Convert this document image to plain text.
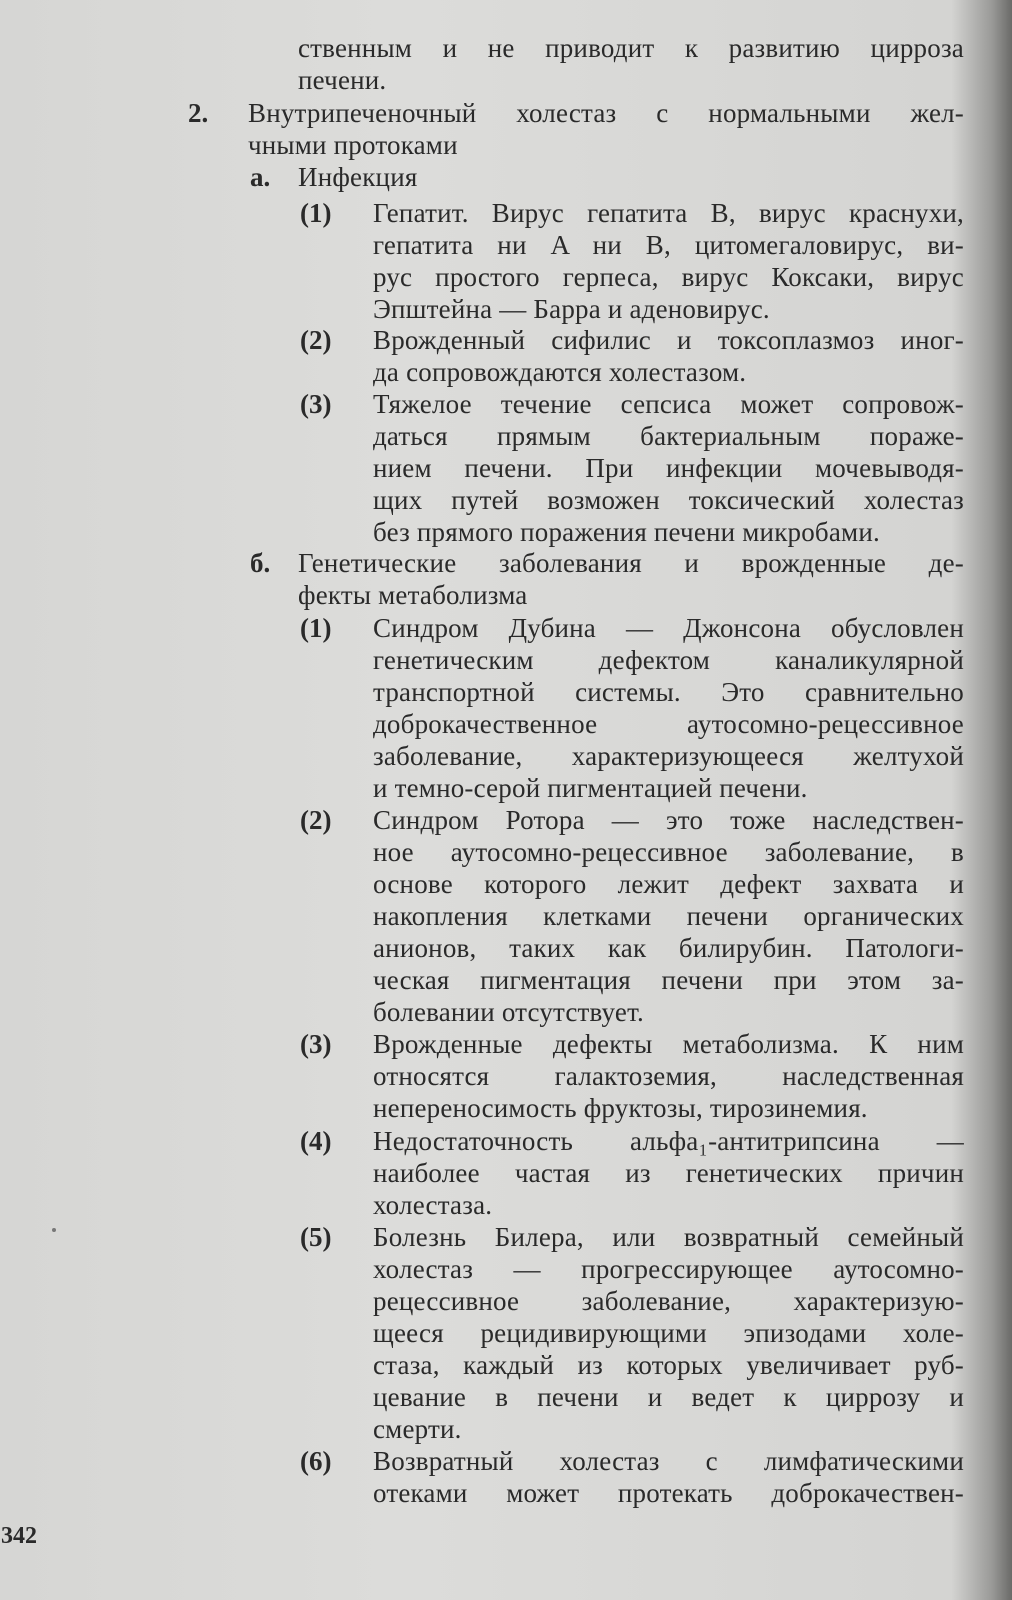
ственным и не приводит к развитию цирроза
печени.
2. Внутрипеченочный холестаз с нормальными жел-
чными протоками
а. Инфекция
(1) Гепатит. Вирус гепатита B, вирус краснухи,
гепатита ни A ни B, цитомегаловирус, ви-
рус простого герпеса, вирус Коксаки, вирус
Эпштейна — Барра и аденовирус.
(2) Врожденный сифилис и токсоплазмоз иног-
да сопровождаются холестазом.
(3) Тяжелое течение сепсиса может сопровож-
даться прямым бактериальным пораже-
нием печени. При инфекции мочевыводя-
щих путей возможен токсический холестаз
без прямого поражения печени микробами.
б. Генетические заболевания и врожденные де-
фекты метаболизма
(1) Синдром Дубина — Джонсона обусловлен
генетическим дефектом каналикулярной
транспортной системы. Это сравнительно
доброкачественное аутосомно-рецессивное
заболевание, характеризующееся желтухой
и темно-серой пигментацией печени.
(2) Синдром Ротора — это тоже наследствен-
ное аутосомно-рецессивное заболевание, в
основе которого лежит дефект захвата и
накопления клетками печени органических
анионов, таких как билирубин. Патологи-
ческая пигментация печени при этом за-
болевании отсутствует.
(3) Врожденные дефекты метаболизма. К ним
относятся галактоземия, наследственная
непереносимость фруктозы, тирозинемия.
(4) Недостаточность альфа₁-антитрипсина —
наиболее частая из генетических причин
холестаза.
(5) Болезнь Билера, или возвратный семейный
холестаз — прогрессирующее аутосомно-
рецессивное заболевание, характеризую-
щееся рецидивирующими эпизодами холе-
стаза, каждый из которых увеличивает руб-
цевание в печени и ведет к циррозу и
смерти.
(6) Возвратный холестаз с лимфатическими
отеками может протекать доброкачествен-
342
